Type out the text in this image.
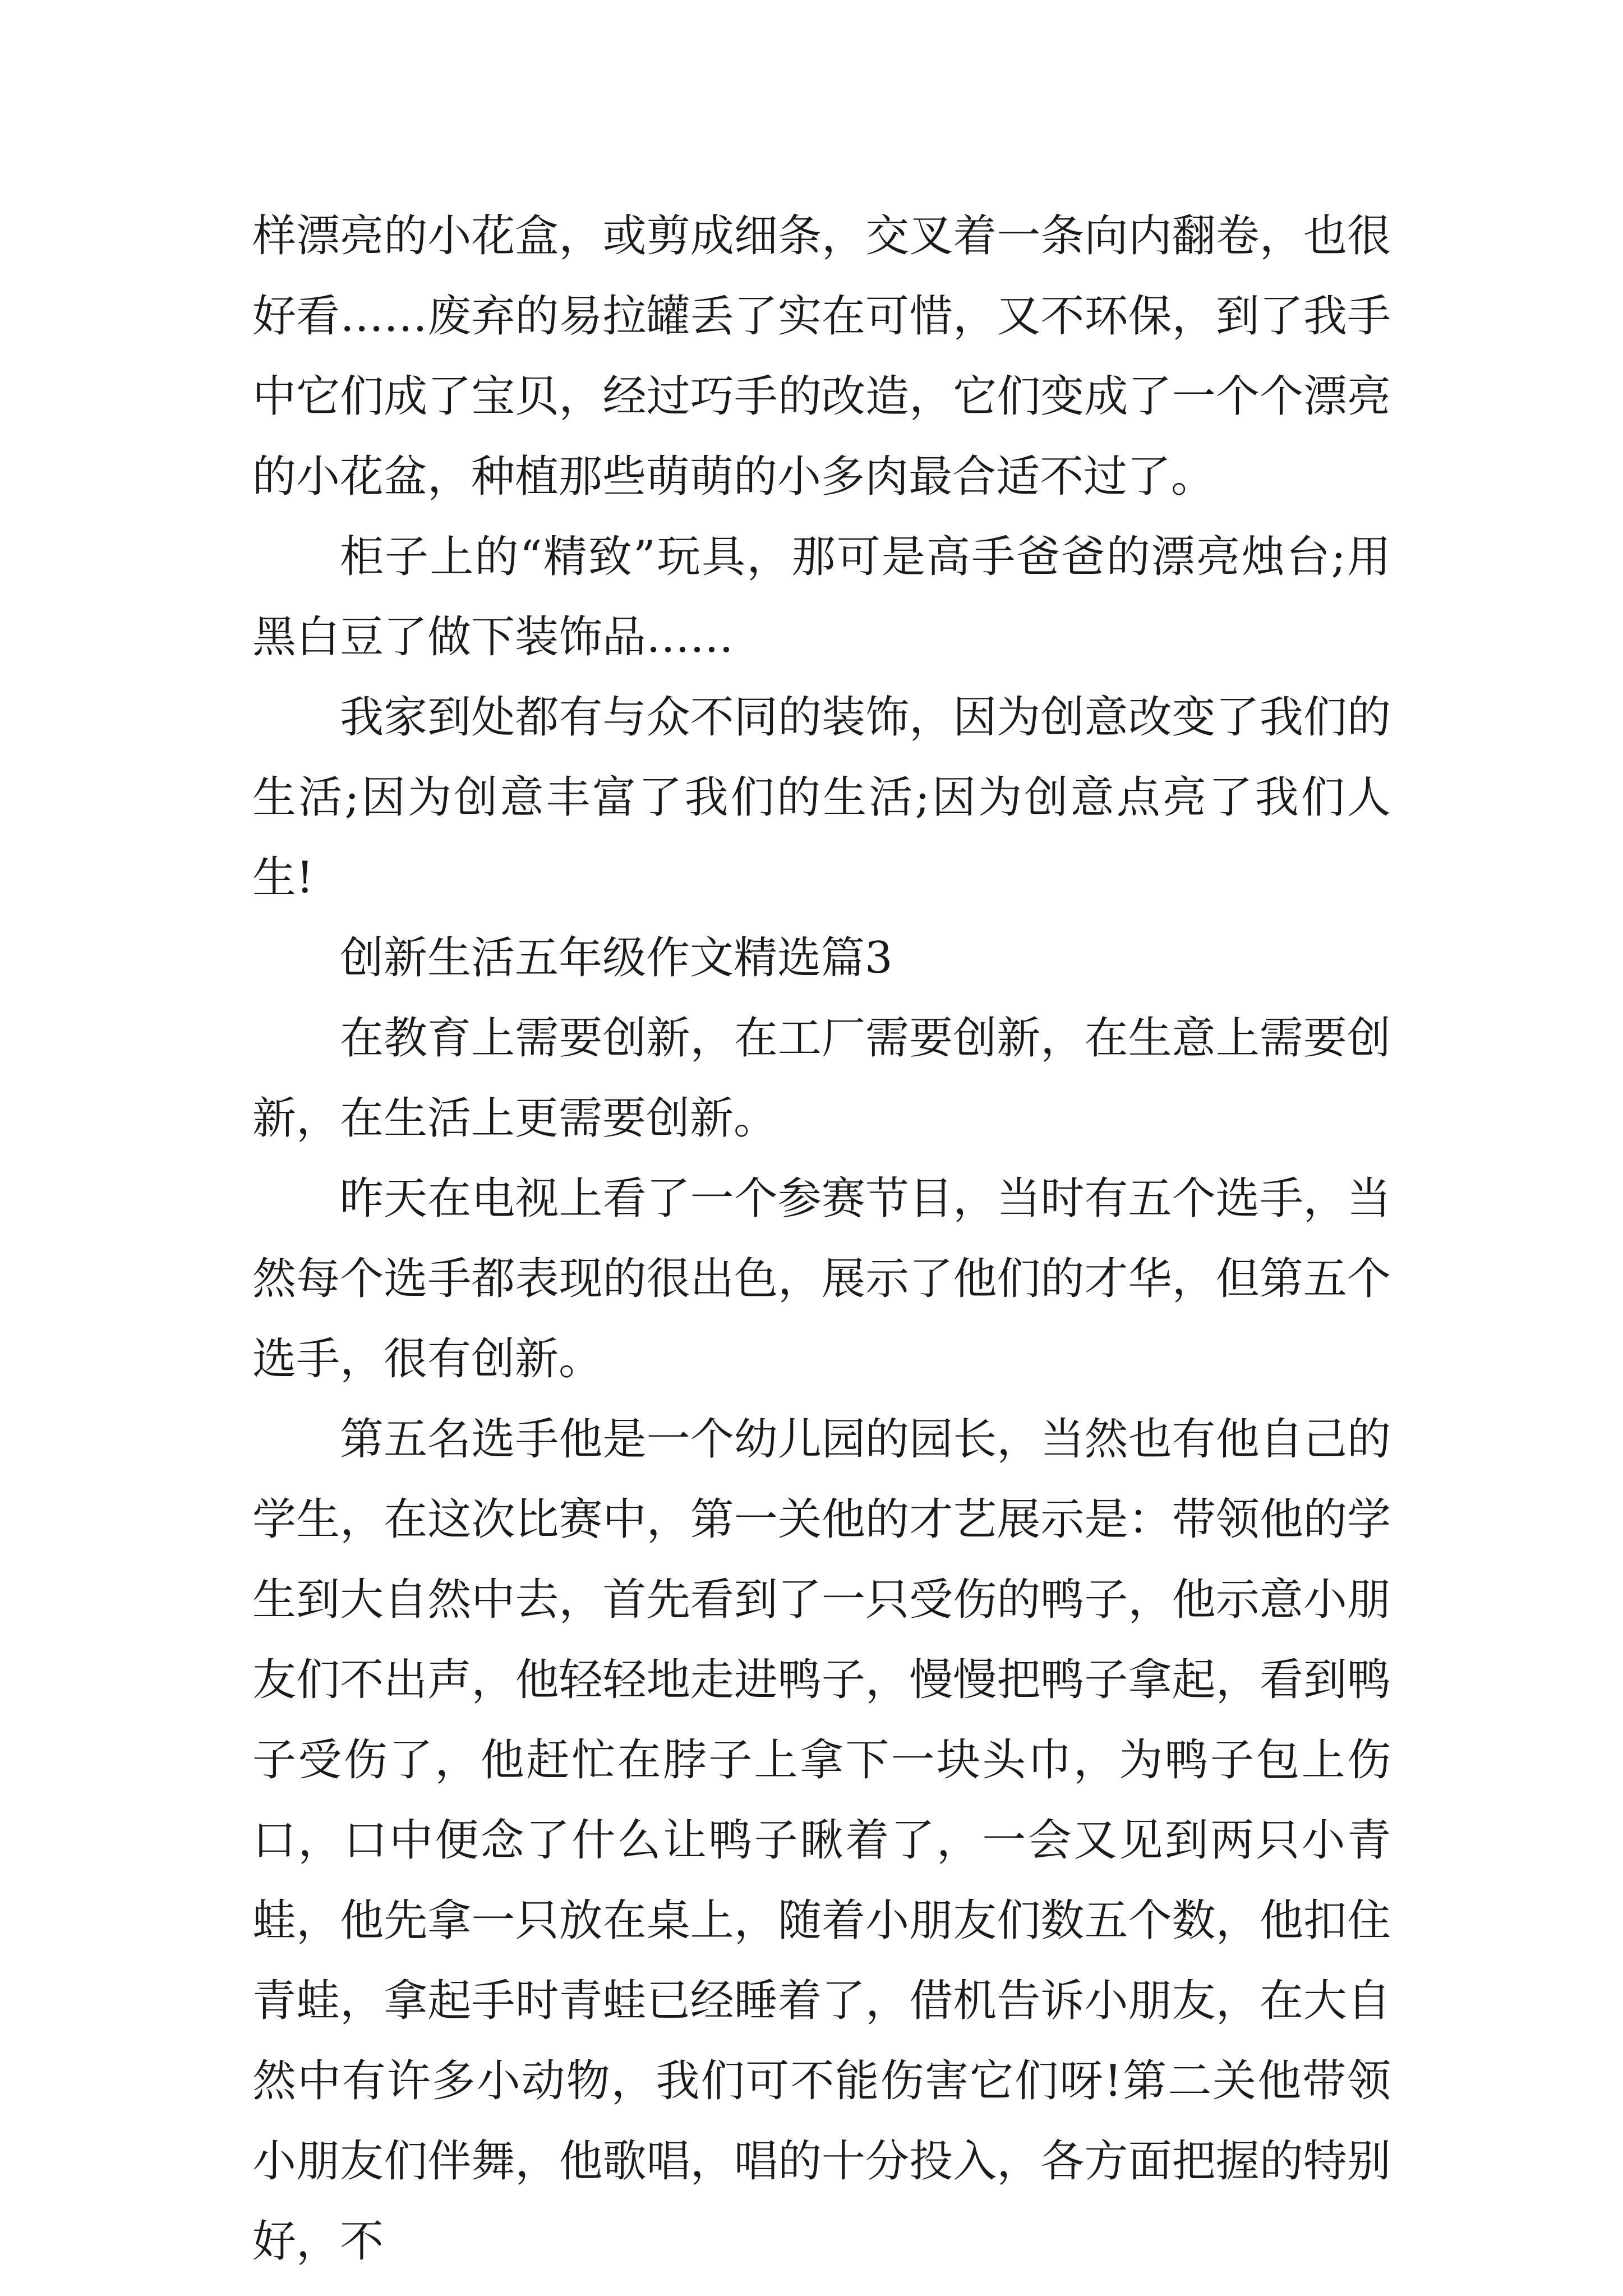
样漂亮的小花盒，或剪成细条，交叉着一条向内翻卷，也很好看……废弃的易拉罐丢了实在可惜，又不环保，到了我手中它们成了宝贝，经过巧手的改造，它们变成了一个个漂亮的小花盆，种植那些萌萌的小多肉最合适不过了。

柜子上的“精致”玩具，那可是高手爸爸的漂亮烛台;用黑白豆了做下装饰品……

我家到处都有与众不同的装饰，因为创意改变了我们的生活;因为创意丰富了我们的生活;因为创意点亮了我们人生!

创新生活五年级作文精选篇3

在教育上需要创新，在工厂需要创新，在生意上需要创新，在生活上更需要创新。

昨天在电视上看了一个参赛节目，当时有五个选手，当然每个选手都表现的很出色，展示了他们的才华，但第五个选手，很有创新。

第五名选手他是一个幼儿园的园长，当然也有他自己的学生，在这次比赛中，第一关他的才艺展示是：带领他的学生到大自然中去，首先看到了一只受伤的鸭子，他示意小朋友们不出声，他轻轻地走进鸭子，慢慢把鸭子拿起，看到鸭子受伤了，他赶忙在脖子上拿下一块头巾，为鸭子包上伤口，口中便念了什么让鸭子瞅着了，一会又见到两只小青蛙，他先拿一只放在桌上，随着小朋友们数五个数，他扣住青蛙，拿起手时青蛙已经睡着了，借机告诉小朋友，在大自然中有许多小动物，我们可不能伤害它们呀!第二关他带领小朋友们伴舞，他歌唱，唱的十分投入，各方面把握的特别好，不
